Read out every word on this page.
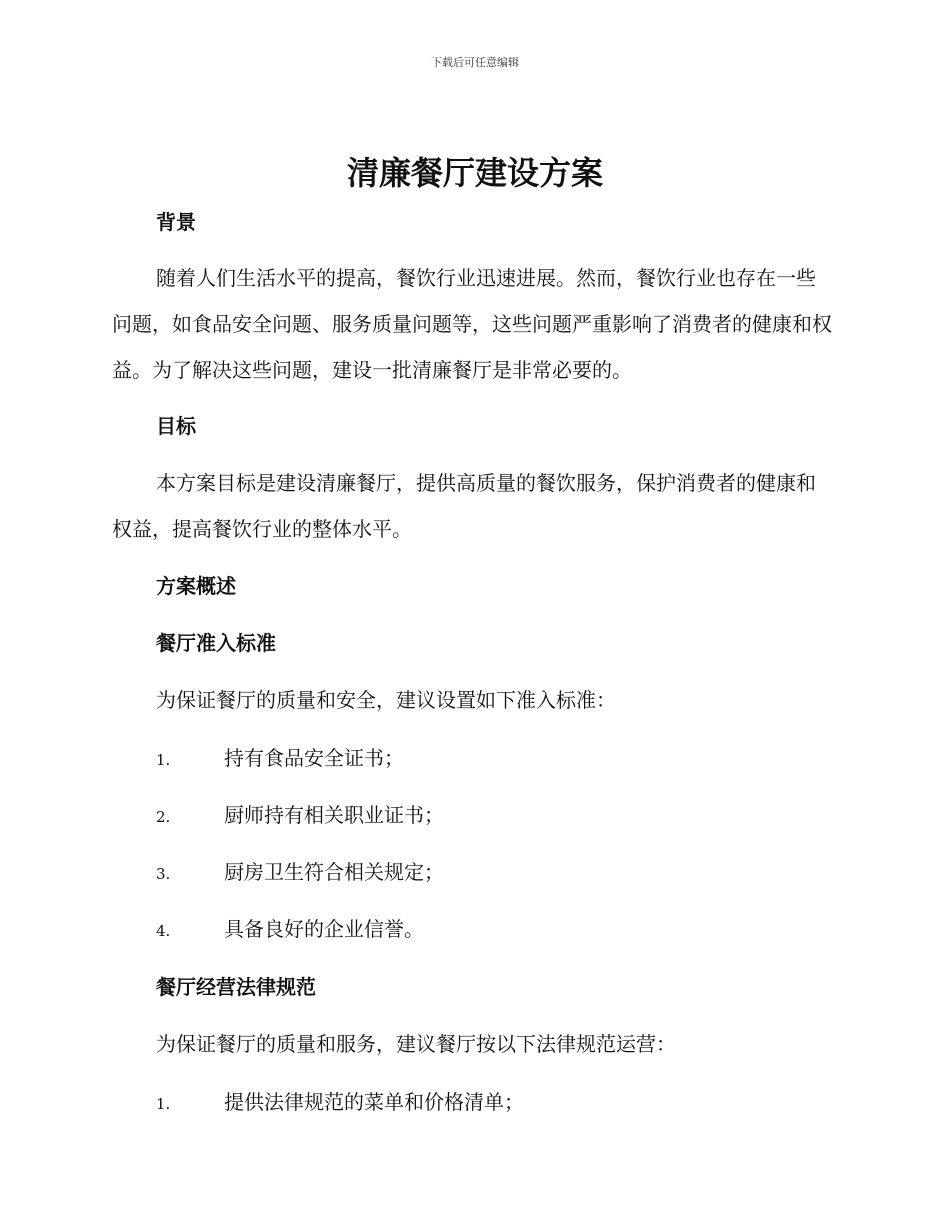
下载后可任意编辑
清廉餐厅建设方案
背景

随着人们生活水平的提高，餐饮行业迅速进展。然而，餐饮行业也存在一些问题，如食品安全问题、服务质量问题等，这些问题严重影响了消费者的健康和权益。为了解决这些问题，建设一批清廉餐厅是非常必要的。

目标

本方案目标是建设清廉餐厅，提供高质量的餐饮服务，保护消费者的健康和权益，提高餐饮行业的整体水平。

方案概述
餐厅准入标准
为保证餐厅的质量和安全，建议设置如下准入标准：
1.	持有食品安全证书；
2.	厨师持有相关职业证书；
3.	厨房卫生符合相关规定；
4.	具备良好的企业信誉。
餐厅经营法律规范
为保证餐厅的质量和服务，建议餐厅按以下法律规范运营：
1.	提供法律规范的菜单和价格清单；
